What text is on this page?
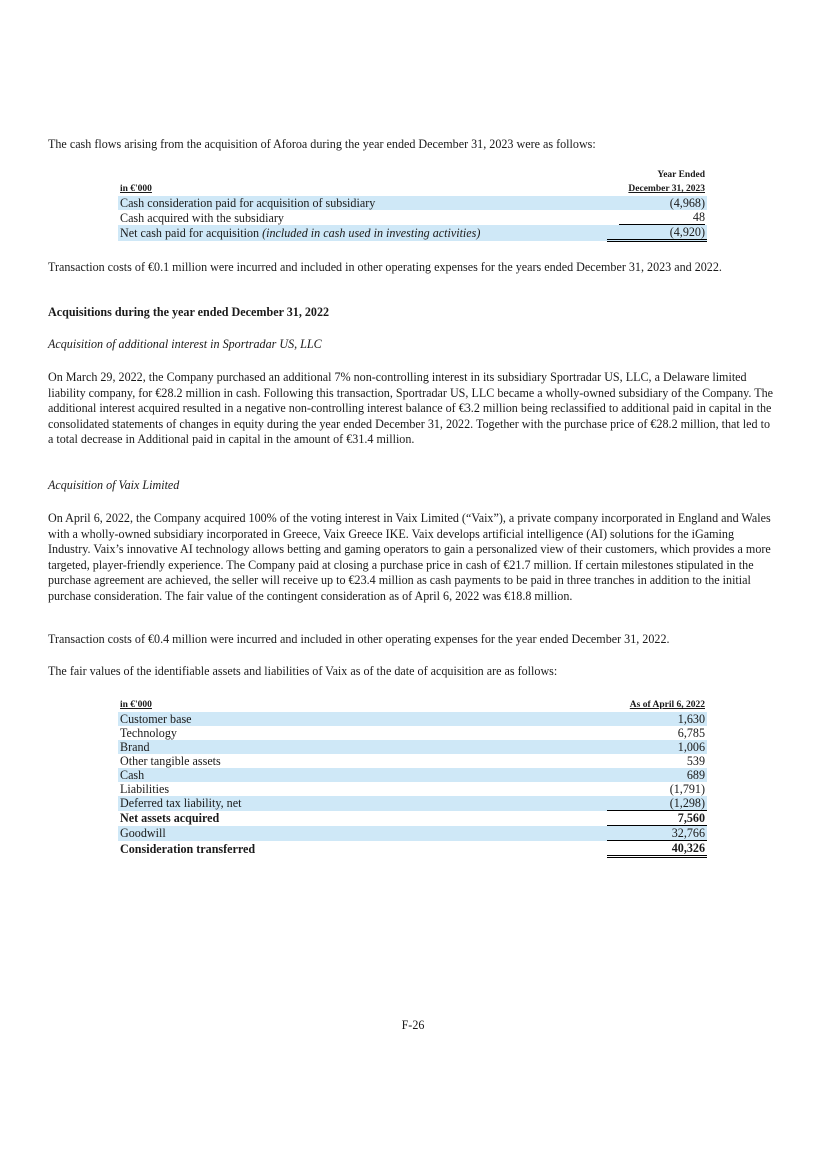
The cash flows arising from the acquisition of Aforoa during the year ended December 31, 2023 were as follows:

in €'000	Year Ended
December 31, 2023

Cash consideration paid for acquisition of subsidiary	(4,968)
Cash acquired with the subsidiary	48
Net cash paid for acquisition (included in cash used in investing activities)	(4,920)

Transaction costs of €0.1 million were incurred and included in other operating expenses for the years ended December 31, 2023 and 2022.

Acquisitions during the year ended December 31, 2022

Acquisition of additional interest in Sportradar US, LLC

On March 29, 2022, the Company purchased an additional 7% non-controlling interest in its subsidiary Sportradar US, LLC, a Delaware limited liability company, for €28.2 million in cash. Following this transaction, Sportradar US, LLC became a wholly-owned subsidiary of the Company. The additional interest acquired resulted in a negative non-controlling interest balance of €3.2 million being reclassified to additional paid in capital in the consolidated statements of changes in equity during the year ended December 31, 2022. Together with the purchase price of €28.2 million, that led to a total decrease in Additional paid in capital in the amount of €31.4 million.

Acquisition of Vaix Limited

On April 6, 2022, the Company acquired 100% of the voting interest in Vaix Limited (“Vaix”), a private company incorporated in England and Wales with a wholly-owned subsidiary incorporated in Greece, Vaix Greece IKE. Vaix develops artificial intelligence (AI) solutions for the iGaming Industry. Vaix’s innovative AI technology allows betting and gaming operators to gain a personalized view of their customers, which provides a more targeted, player-friendly experience. The Company paid at closing a purchase price in cash of €21.7 million. If certain milestones stipulated in the purchase agreement are achieved, the seller will receive up to €23.4 million as cash payments to be paid in three tranches in addition to the initial purchase consideration. The fair value of the contingent consideration as of April 6, 2022 was €18.8 million.

Transaction costs of €0.4 million were incurred and included in other operating expenses for the year ended December 31, 2022.

The fair values of the identifiable assets and liabilities of Vaix as of the date of acquisition are as follows:

in €'000	As of April 6, 2022
Customer base	1,630
Technology	6,785
Brand	1,006
Other tangible assets	539
Cash	689
Liabilities	(1,791)
Deferred tax liability, net	(1,298)
Net assets acquired	7,560
Goodwill	32,766
Consideration transferred	40,326
F-26
